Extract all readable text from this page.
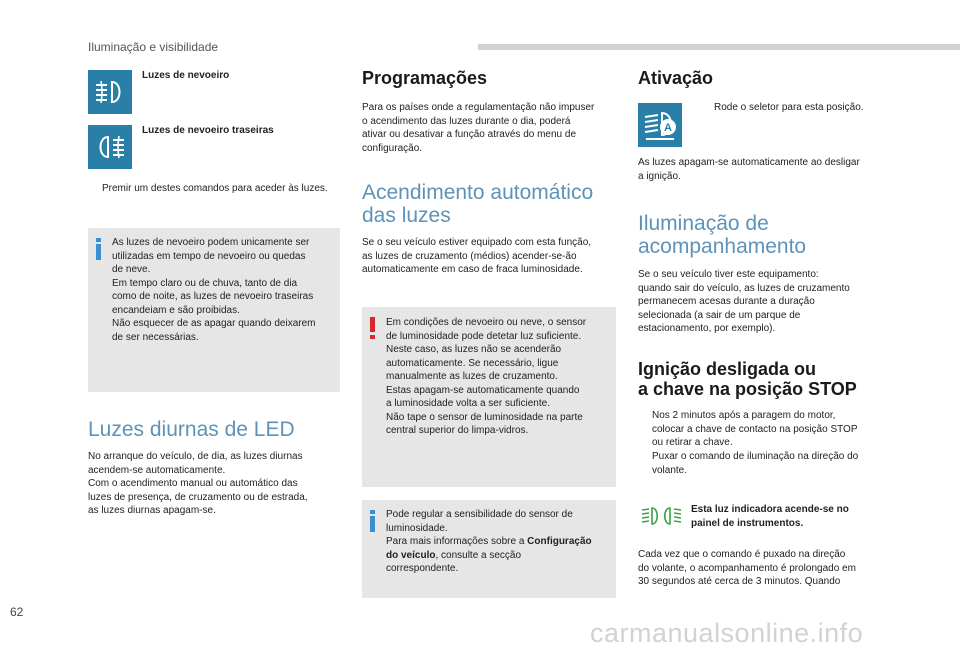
Iluminação e visibilidade
Luzes de nevoeiro
Luzes de nevoeiro traseiras
Premir um destes comandos para aceder às luzes.

As luzes de nevoeiro podem unicamente ser
utilizadas em tempo de nevoeiro ou quedas
de neve.
Em tempo claro ou de chuva, tanto de dia
como de noite, as luzes de nevoeiro traseiras
encandeiam e são proibidas.
Não esquecer de as apagar quando deixarem
de ser necessárias.

Luzes diurnas de LED

No arranque do veículo, de dia, as luzes diurnas
acendem-se automaticamente.
Com o acendimento manual ou automático das
luzes de presença, de cruzamento ou de estrada,
as luzes diurnas apagam-se.

Programações

Para os países onde a regulamentação não impuser
o acendimento das luzes durante o dia, poderá
ativar ou desativar a função através do menu de
configuração.

Acendimento automático
das luzes

Se o seu veículo estiver equipado com esta função,
as luzes de cruzamento (médios) acender-se-ão
automaticamente em caso de fraca luminosidade.

Em condições de nevoeiro ou neve, o sensor
de luminosidade pode detetar luz suficiente.
Neste caso, as luzes não se acenderão
automaticamente. Se necessário, ligue
manualmente as luzes de cruzamento.
Estas apagam-se automaticamente quando
a luminosidade volta a ser suficiente.
Não tape o sensor de luminosidade na parte
central superior do limpa-vidros.

Pode regular a sensibilidade do sensor de
luminosidade.
Para mais informações sobre a Configuração
do veículo, consulte a secção
correspondente.

Ativação
Rode o seletor para esta posição.
A

As luzes apagam-se automaticamente ao desligar
a ignição.

Iluminação de
acompanhamento

Se o seu veículo tiver este equipamento:
quando sair do veículo, as luzes de cruzamento
permanecem acesas durante a duração
selecionada (a sair de um parque de
estacionamento, por exemplo).

Ignição desligada ou
a chave na posição STOP
Nos 2 minutos após a paragem do motor,
colocar a chave de contacto na posição STOP
ou retirar a chave.
Puxar o comando de iluminação na direção do
volante.

Esta luz indicadora acende-se no
painel de instrumentos.

Cada vez que o comando é puxado na direção
do volante, o acompanhamento é prolongado em
30 segundos até cerca de 3 minutos. Quando

62
carmanualsonline.info
